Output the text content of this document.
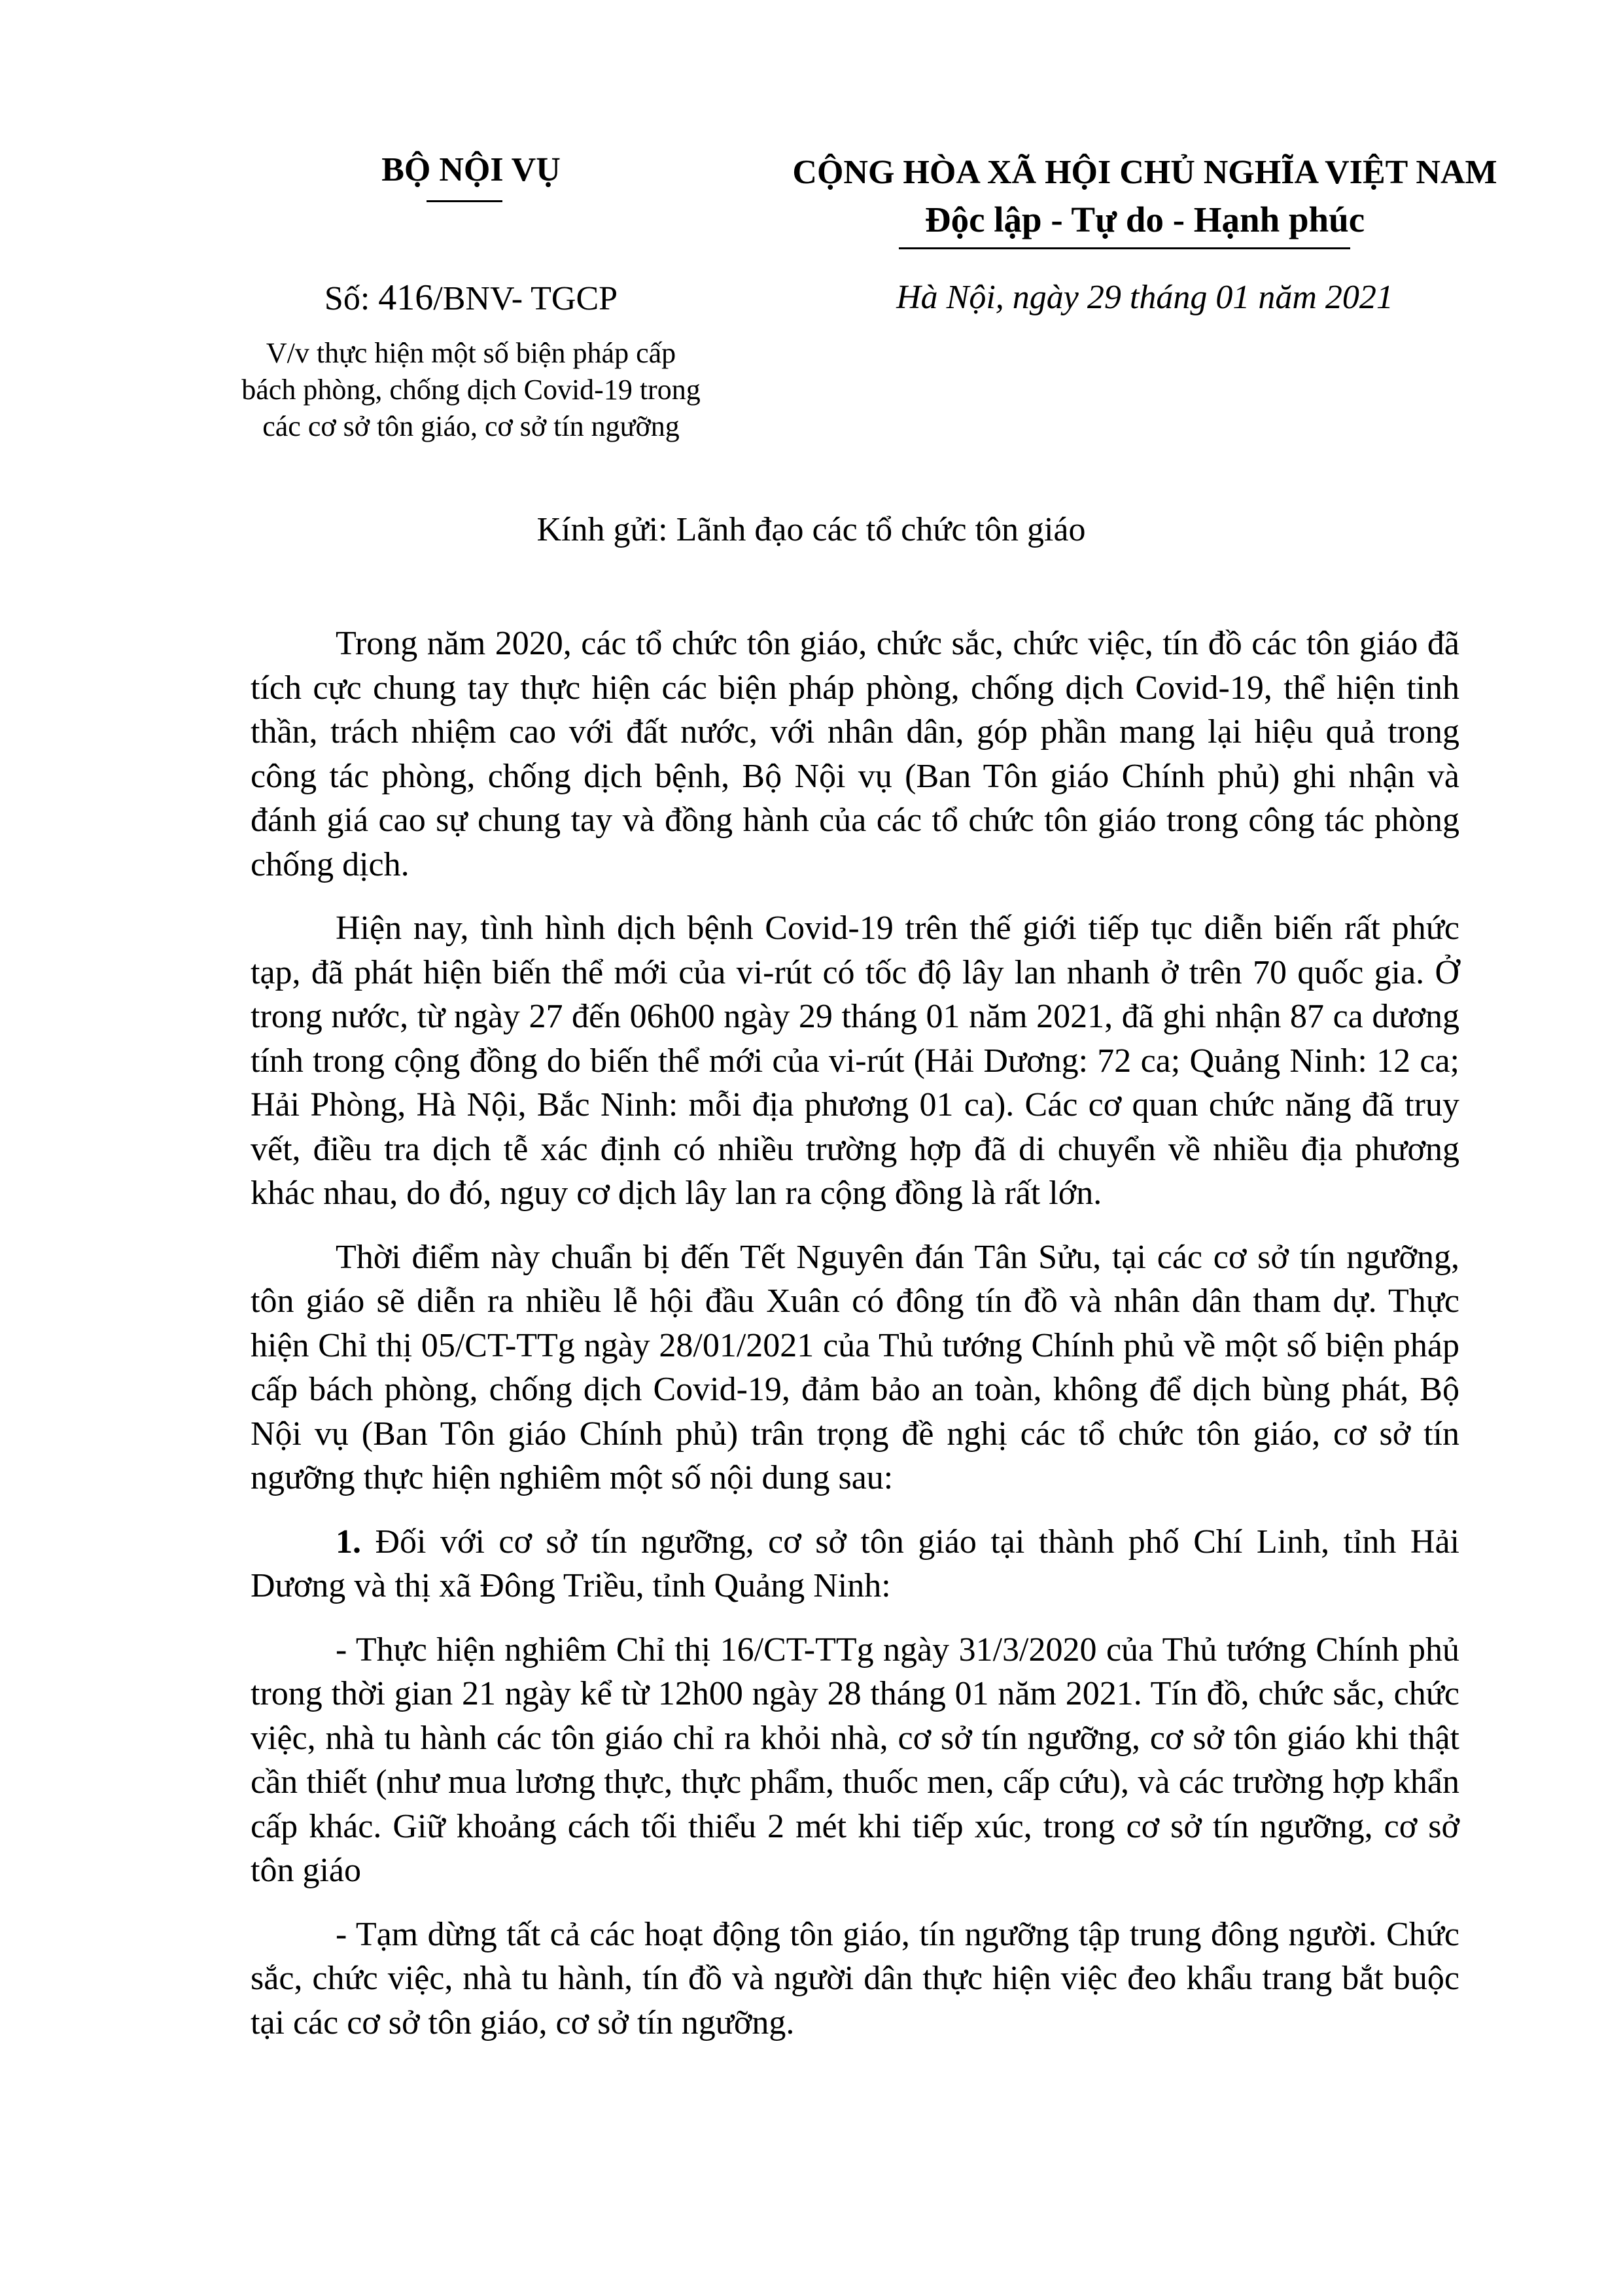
BỘ NỘI VỤ	CỘNG HÒA XÃ HỘI CHỦ NGHĨA VIỆT NAM
Độc lập - Tự do - Hạnh phúc
Số: 416/BNV- TGCP	Hà Nội, ngày 29 tháng 01 năm 2021
V/v thực hiện một số biện pháp cấp
bách phòng, chống dịch Covid-19 trong
các cơ sở tôn giáo, cơ sở tín ngưỡng
Kính gửi: Lãnh đạo các tổ chức tôn giáo

Trong năm 2020, các tổ chức tôn giáo, chức sắc, chức việc, tín đồ các tôn giáo đã tích cực chung tay thực hiện các biện pháp phòng, chống dịch Covid-19, thể hiện tinh thần, trách nhiệm cao với đất nước, với nhân dân, góp phần mang lại hiệu quả trong công tác phòng, chống dịch bệnh, Bộ Nội vụ (Ban Tôn giáo Chính phủ) ghi nhận và đánh giá cao sự chung tay và đồng hành của các tổ chức tôn giáo trong công tác phòng chống dịch.

Hiện nay, tình hình dịch bệnh Covid-19 trên thế giới tiếp tục diễn biến rất phức tạp, đã phát hiện biến thể mới của vi-rút có tốc độ lây lan nhanh ở trên 70 quốc gia. Ở trong nước, từ ngày 27 đến 06h00 ngày 29 tháng 01 năm 2021, đã ghi nhận 87 ca dương tính trong cộng đồng do biến thể mới của vi-rút (Hải Dương: 72 ca; Quảng Ninh: 12 ca; Hải Phòng, Hà Nội, Bắc Ninh: mỗi địa phương 01 ca). Các cơ quan chức năng đã truy vết, điều tra dịch tễ xác định có nhiều trường hợp đã di chuyển về nhiều địa phương khác nhau, do đó, nguy cơ dịch lây lan ra cộng đồng là rất lớn.

Thời điểm này chuẩn bị đến Tết Nguyên đán Tân Sửu, tại các cơ sở tín ngưỡng, tôn giáo sẽ diễn ra nhiều lễ hội đầu Xuân có đông tín đồ và nhân dân tham dự. Thực hiện Chỉ thị 05/CT-TTg ngày 28/01/2021 của Thủ tướng Chính phủ về một số biện pháp cấp bách phòng, chống dịch Covid-19, đảm bảo an toàn, không để dịch bùng phát, Bộ Nội vụ (Ban Tôn giáo Chính phủ) trân trọng đề nghị các tổ chức tôn giáo, cơ sở tín ngưỡng thực hiện nghiêm một số nội dung sau:

1. Đối với cơ sở tín ngưỡng, cơ sở tôn giáo tại thành phố Chí Linh, tỉnh Hải Dương và thị xã Đông Triều, tỉnh Quảng Ninh:

- Thực hiện nghiêm Chỉ thị 16/CT-TTg ngày 31/3/2020 của Thủ tướng Chính phủ trong thời gian 21 ngày kể từ 12h00 ngày 28 tháng 01 năm 2021. Tín đồ, chức sắc, chức việc, nhà tu hành các tôn giáo chỉ ra khỏi nhà, cơ sở tín ngưỡng, cơ sở tôn giáo khi thật cần thiết (như mua lương thực, thực phẩm, thuốc men, cấp cứu), và các trường hợp khẩn cấp khác. Giữ khoảng cách tối thiểu 2 mét khi tiếp xúc, trong cơ sở tín ngưỡng, cơ sở tôn giáo

- Tạm dừng tất cả các hoạt động tôn giáo, tín ngưỡng tập trung đông người. Chức sắc, chức việc, nhà tu hành, tín đồ và người dân thực hiện việc đeo khẩu trang bắt buộc tại các cơ sở tôn giáo, cơ sở tín ngưỡng.
